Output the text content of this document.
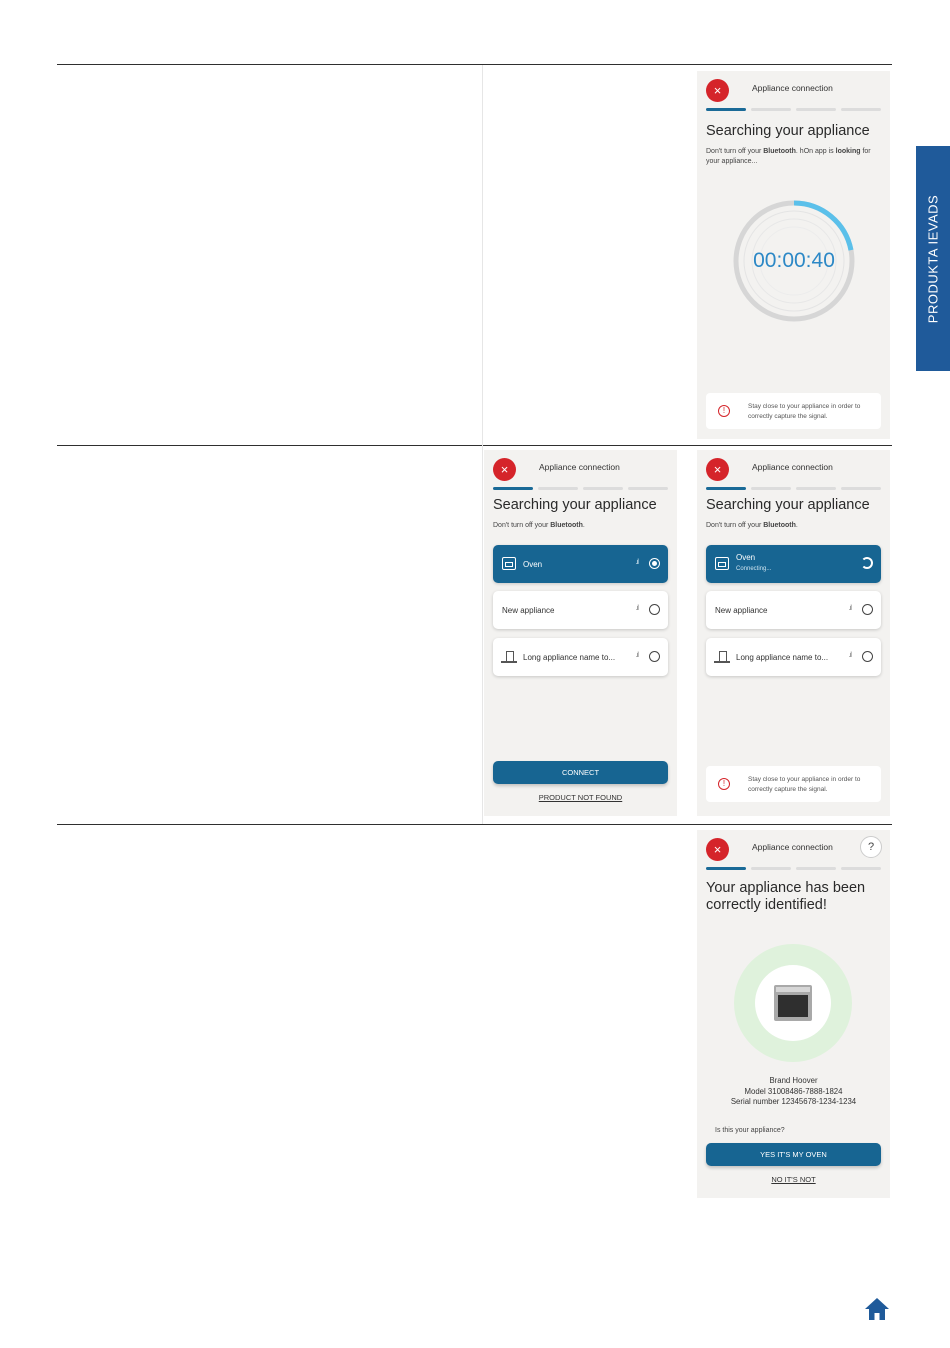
PRODUKTA IEVADS
×	Appliance connection
Searching your appliance
Don't turn off your Bluetooth. hOn app is looking for your appliance...
00:00:40
!	Stay close to your appliance in order to correctly capture the signal.
×	Appliance connection
Searching your appliance
Don't turn off your Bluetooth.
Oven	.ıl
New appliance	.ıl
Long appliance name to...	.ıl
CONNECT
PRODUCT NOT FOUND
×	Appliance connection
Searching your appliance
Don't turn off your Bluetooth.
Oven
Connecting...
New appliance	.ıl
Long appliance name to...	.ıl
!	Stay close to your appliance in order to correctly capture the signal.
×	Appliance connection	?
Your appliance has been
correctly identified!
Brand Hoover
Model 31008486-7888-1824
Serial number 12345678-1234-1234
Is this your appliance?
YES IT'S MY OVEN
NO IT'S NOT
